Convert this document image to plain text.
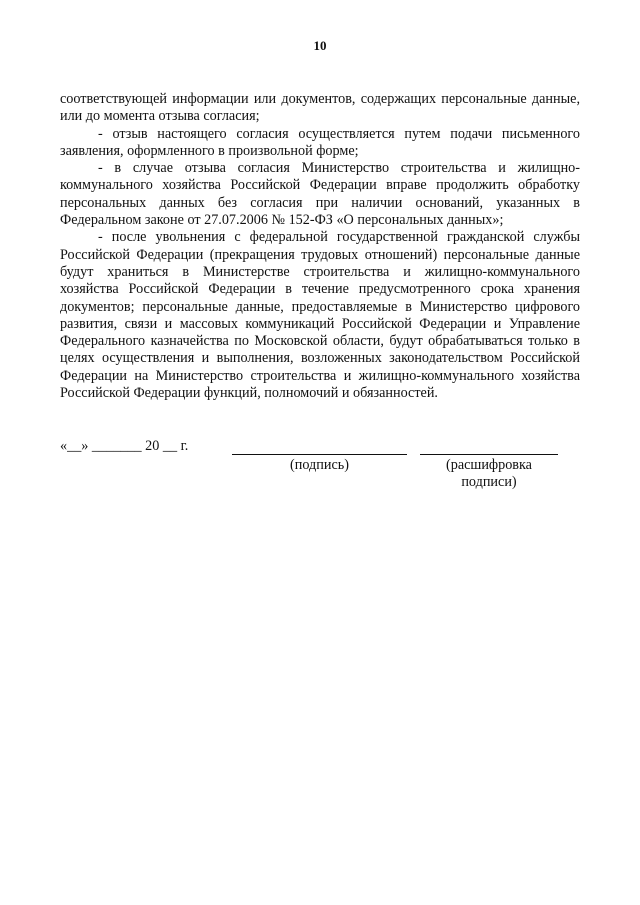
10

соответствующей информации или документов, содержащих персональные данные, или до момента отзыва согласия;

- отзыв настоящего согласия осуществляется путем подачи письменного заявления, оформленного в произвольной форме;

- в случае отзыва согласия Министерство строительства и жилищно-коммунального хозяйства Российской Федерации вправе продолжить обработку персональных данных без согласия при наличии оснований, указанных в Федеральном законе от 27.07.2006 № 152-ФЗ «О персональных данных»;

- после увольнения с федеральной государственной гражданской службы Российской Федерации (прекращения трудовых отношений) персональные данные будут храниться в Министерстве строительства и жилищно-коммунального хозяйства Российской Федерации в течение предусмотренного срока хранения документов; персональные данные, предоставляемые в Министерство цифрового развития, связи и массовых коммуникаций Российской Федерации и Управление Федерального казначейства по Московской области, будут обрабатываться только в целях осуществления и выполнения, возложенных законодательством Российской Федерации на Министерство строительства и жилищно-коммунального хозяйства Российской Федерации функций, полномочий и обязанностей.

«__» _______ 20 __ г.
(подпись)	(расшифровка подписи)
